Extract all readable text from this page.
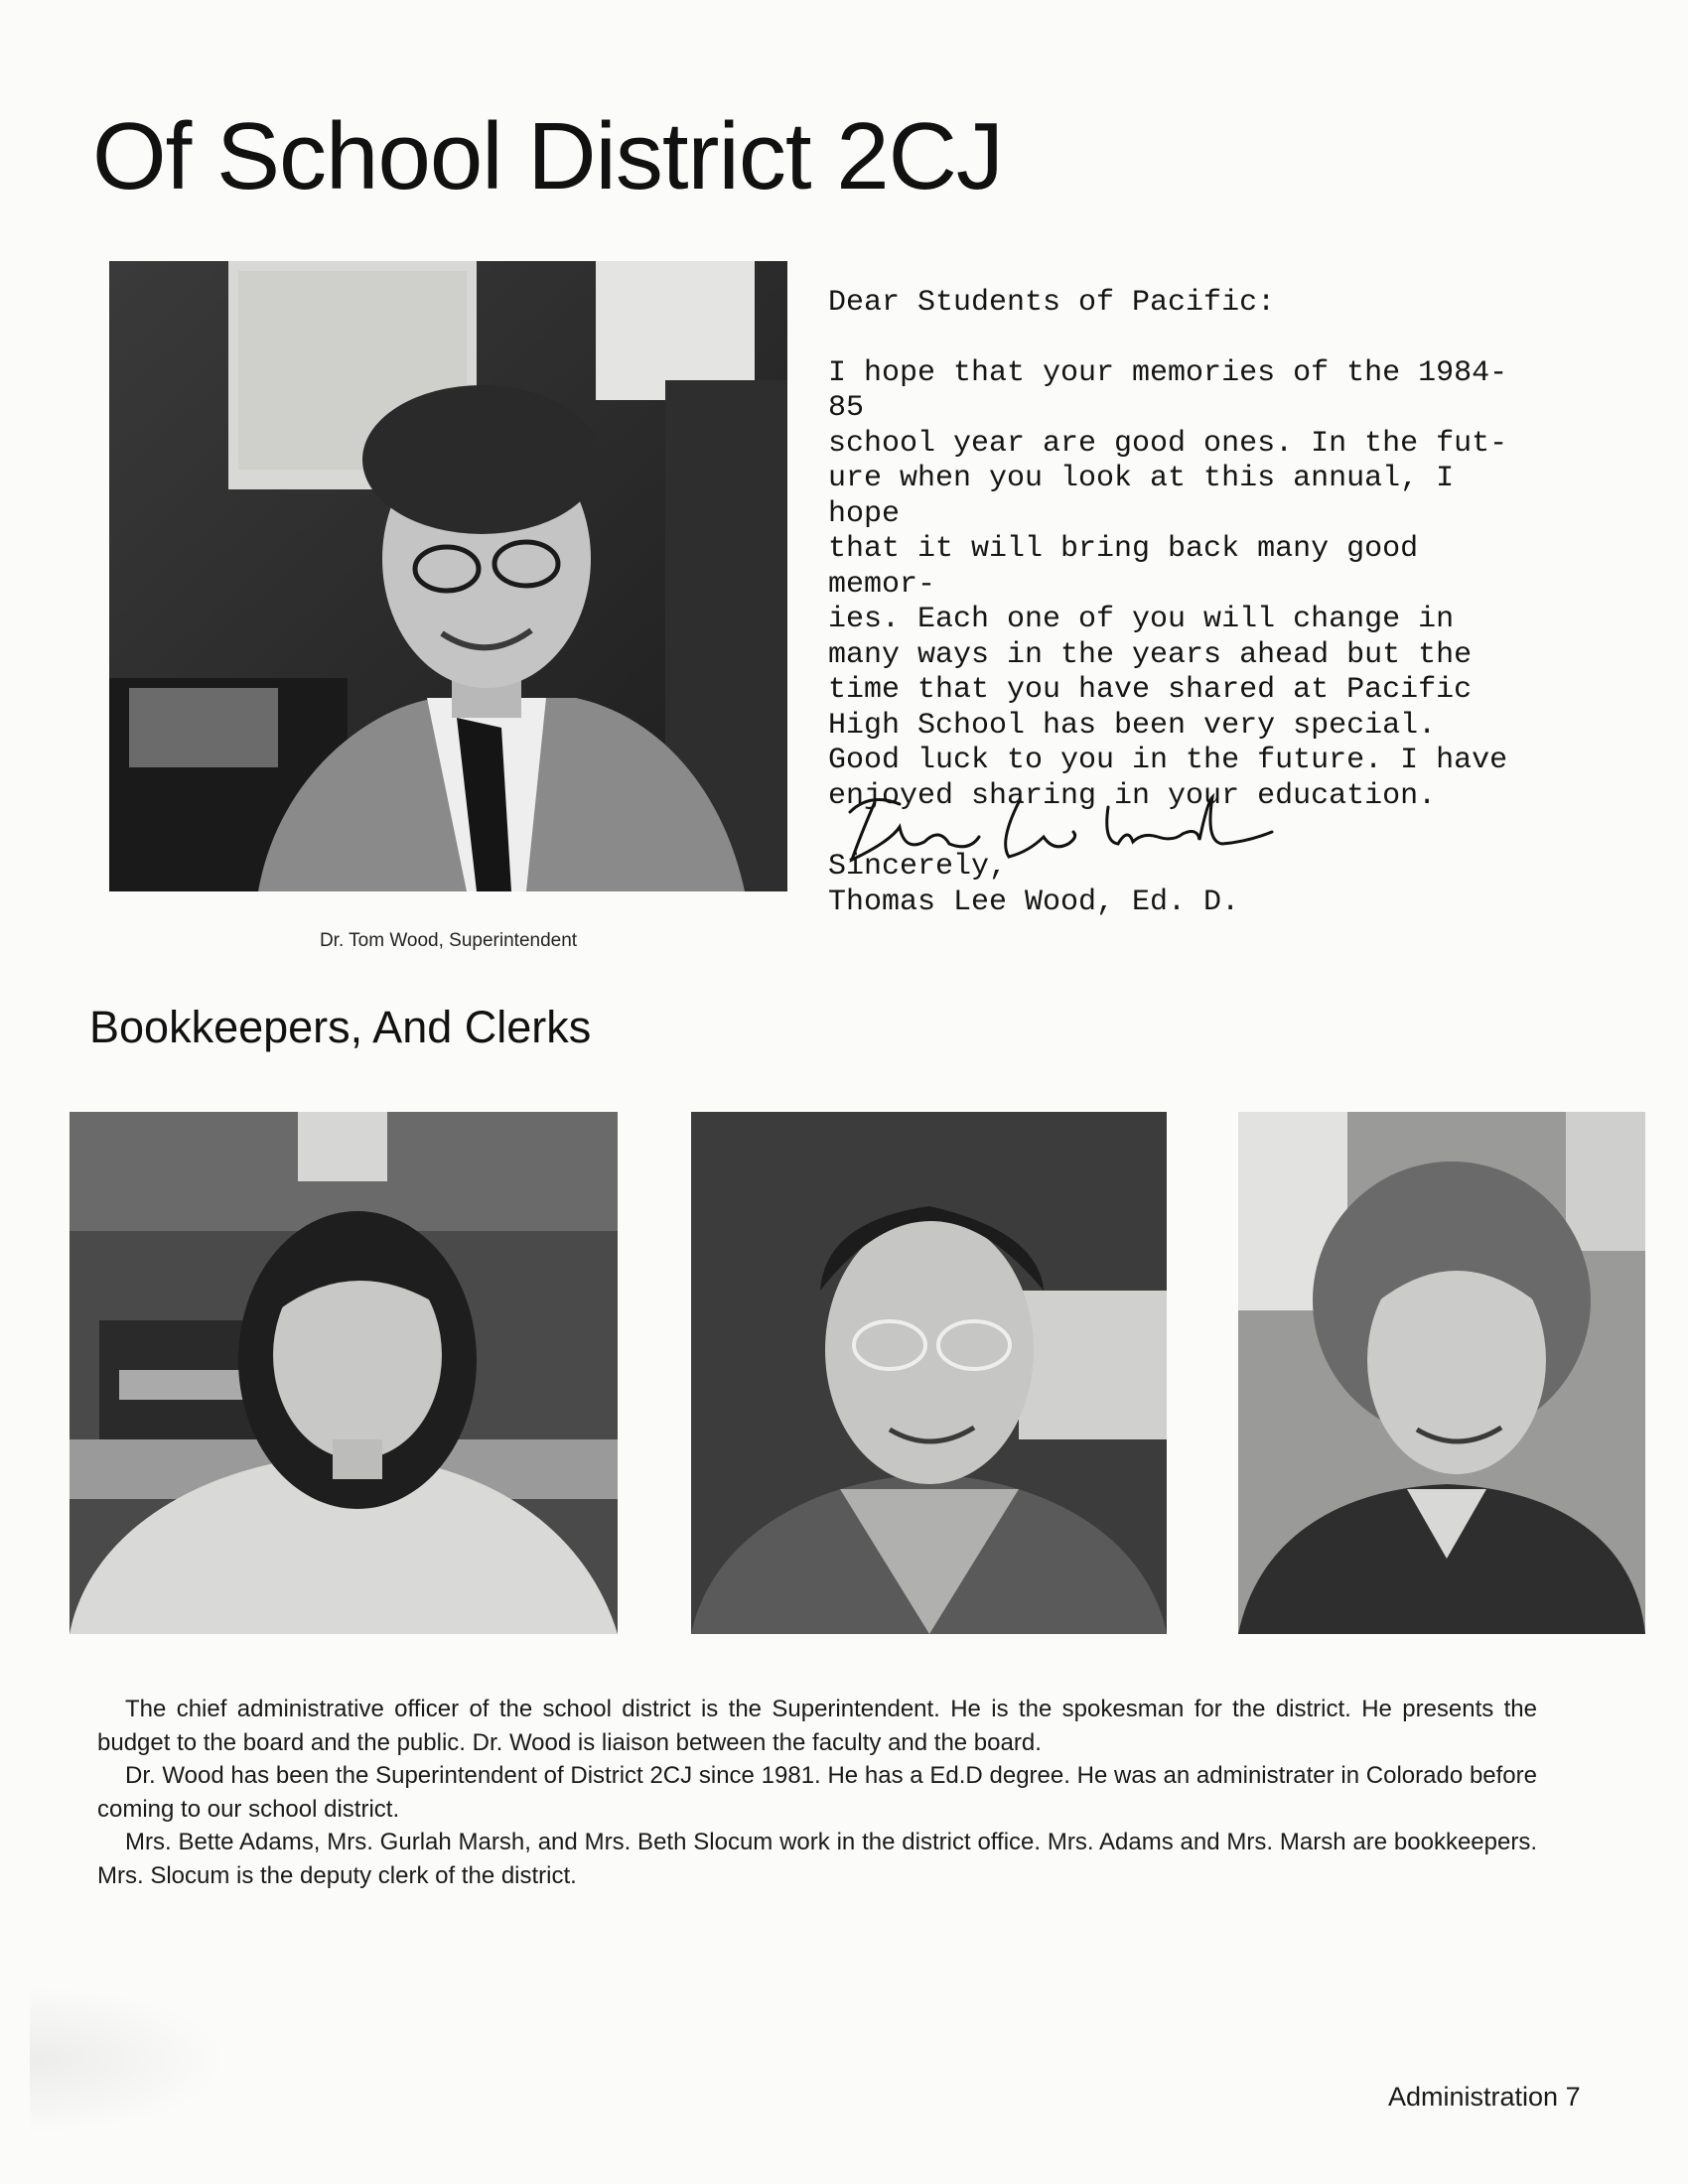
Of School District 2CJ
Dr. Tom Wood, Superintendent

Dear Students of Pacific:

I hope that your memories of the 1984-85
school year are good ones. In the fut-
ure when you look at this annual, I hope
that it will bring back many good memor-
ies. Each one of you will change in
many ways in the years ahead but the
time that you have shared at Pacific
High School has been very special.
Good luck to you in the future. I have
enjoyed sharing in your education.

Sincerely,

Thomas Lee Wood, Ed. D.
Bookkeepers, And Clerks

The chief administrative officer of the school district is the Superintendent. He is the spokesman for the district. He presents the budget to the board and the public. Dr. Wood is liaison between the faculty and the board.

Dr. Wood has been the Superintendent of District 2CJ since 1981. He has a Ed.D degree. He was an administrater in Colorado before coming to our school district.

Mrs. Bette Adams, Mrs. Gurlah Marsh, and Mrs. Beth Slocum work in the district office. Mrs. Adams and Mrs. Marsh are bookkeepers. Mrs. Slocum is the deputy clerk of the district.

Administration 7
